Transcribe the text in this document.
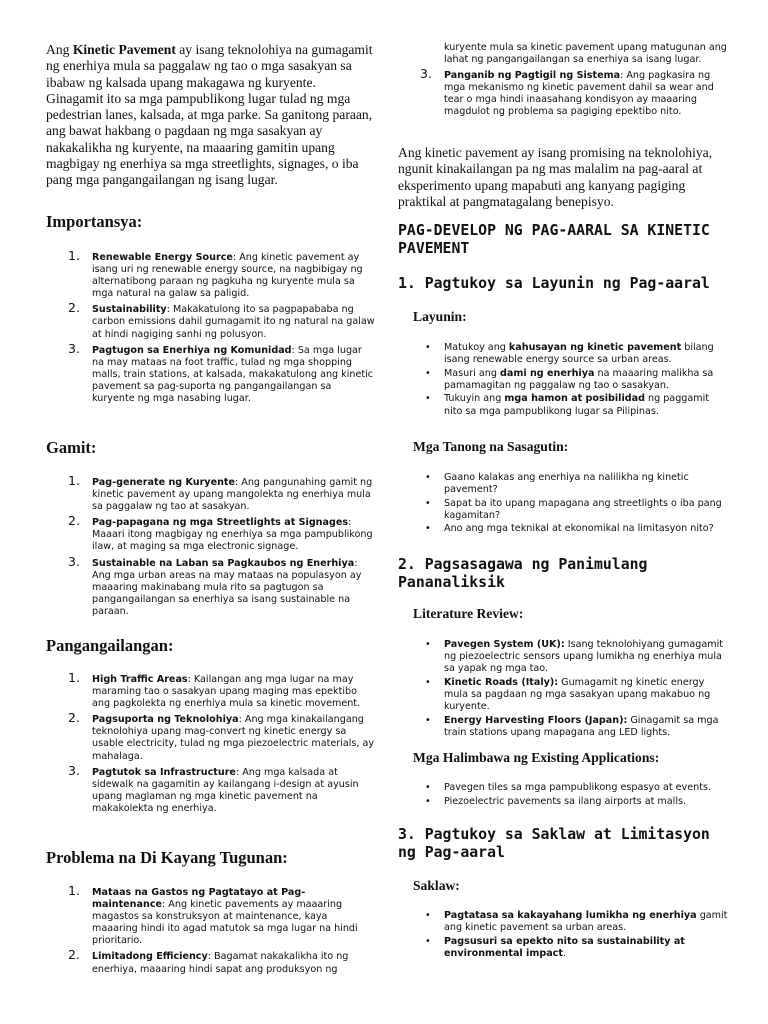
Ang Kinetic Pavement ay isang teknolohiya na gumagamit ng enerhiya mula sa paggalaw ng tao o mga sasakyan sa ibabaw ng kalsada upang makagawa ng kuryente. Ginagamit ito sa mga pampublikong lugar tulad ng mga pedestrian lanes, kalsada, at mga parke. Sa ganitong paraan, ang bawat hakbang o pagdaan ng mga sasakyan ay nakakalikha ng kuryente, na maaaring gamitin upang magbigay ng enerhiya sa mga streetlights, signages, o iba pang mga pangangailangan ng isang lugar.

Importansya:
1. Renewable Energy Source: Ang kinetic pavement ay isang uri ng renewable energy source, na nagbibigay ng alternatibong paraan ng pagkuha ng kuryente mula sa mga natural na galaw sa paligid.
2. Sustainability: Makakatulong ito sa pagpapababa ng carbon emissions dahil gumagamit ito ng natural na galaw at hindi nagiging sanhi ng polusyon.
3. Pagtugon sa Enerhiya ng Komunidad: Sa mga lugar na may mataas na foot traffic, tulad ng mga shopping malls, train stations, at kalsada, makakatulong ang kinetic pavement sa pag-suporta ng pangangailangan sa kuryente ng mga nasabing lugar.
Gamit:
1. Pag-generate ng Kuryente: Ang pangunahing gamit ng kinetic pavement ay upang mangolekta ng enerhiya mula sa paggalaw ng tao at sasakyan.
2. Pag-papagana ng mga Streetlights at Signages: Maaari itong magbigay ng enerhiya sa mga pampublikong ilaw, at maging sa mga electronic signage.
3. Sustainable na Laban sa Pagkaubos ng Enerhiya: Ang mga urban areas na may mataas na populasyon ay maaaring makinabang mula rito sa pagtugon sa pangangailangan sa enerhiya sa isang sustainable na paraan.
Pangangailangan:
1. High Traffic Areas: Kailangan ang mga lugar na may maraming tao o sasakyan upang maging mas epektibo ang pagkolekta ng enerhiya mula sa kinetic movement.
2. Pagsuporta ng Teknolohiya: Ang mga kinakailangang teknolohiya upang mag-convert ng kinetic energy sa usable electricity, tulad ng mga piezoelectric materials, ay mahalaga.
3. Pagtutok sa Infrastructure: Ang mga kalsada at sidewalk na gagamitin ay kailangang i-design at ayusin upang maglaman ng mga kinetic pavement na makakolekta ng enerhiya.
Problema na Di Kayang Tugunan:
1. Mataas na Gastos ng Pagtatayo at Pag-maintenance: Ang kinetic pavements ay maaaring magastos sa konstruksyon at maintenance, kaya maaaring hindi ito agad matutok sa mga lugar na hindi prioritario.
2. Limitadong Efficiency: Bagamat nakakalikha ito ng enerhiya, maaaring hindi sapat ang produksyon ng

kuryente mula sa kinetic pavement upang matugunan ang lahat ng pangangailangan sa enerhiya sa isang lugar.

3. Panganib ng Pagtigil ng Sistema: Ang pagkasira ng mga mekanismo ng kinetic pavement dahil sa wear and tear o mga hindi inaasahang kondisyon ay maaaring magdulot ng problema sa pagiging epektibo nito.

Ang kinetic pavement ay isang promising na teknolohiya, ngunit kinakailangan pa ng mas malalim na pag-aaral at eksperimento upang mapabuti ang kanyang pagiging praktikal at pangmatagalang benepisyo.

PAG-DEVELOP NG PAG-AARAL SA KINETIC PAVEMENT
1. Pagtukoy sa Layunin ng Pag-aaral
Layunin:
• Matukoy ang kahusayan ng kinetic pavement bilang isang renewable energy source sa urban areas.
• Masuri ang dami ng enerhiya na maaaring malikha sa pamamagitan ng paggalaw ng tao o sasakyan.
• Tukuyin ang mga hamon at posibilidad ng paggamit nito sa mga pampublikong lugar sa Pilipinas.
Mga Tanong na Sasagutin:
• Gaano kalakas ang enerhiya na nalilikha ng kinetic pavement?
• Sapat ba ito upang mapagana ang streetlights o iba pang kagamitan?
• Ano ang mga teknikal at ekonomikal na limitasyon nito?
2. Pagsasagawa ng Panimulang Pananaliksik
Literature Review:
• Pavegen System (UK): Isang teknolohiyang gumagamit ng piezoelectric sensors upang lumikha ng enerhiya mula sa yapak ng mga tao.
• Kinetic Roads (Italy): Gumagamit ng kinetic energy mula sa pagdaan ng mga sasakyan upang makabuo ng kuryente.
• Energy Harvesting Floors (Japan): Ginagamit sa mga train stations upang mapagana ang LED lights.
Mga Halimbawa ng Existing Applications:
• Pavegen tiles sa mga pampublikong espasyo at events.
• Piezoelectric pavements sa ilang airports at malls.
3. Pagtukoy sa Saklaw at Limitasyon ng Pag-aaral
Saklaw:
• Pagtatasa sa kakayahang lumikha ng enerhiya gamit ang kinetic pavement sa urban areas.
• Pagsusuri sa epekto nito sa sustainability at environmental impact.
